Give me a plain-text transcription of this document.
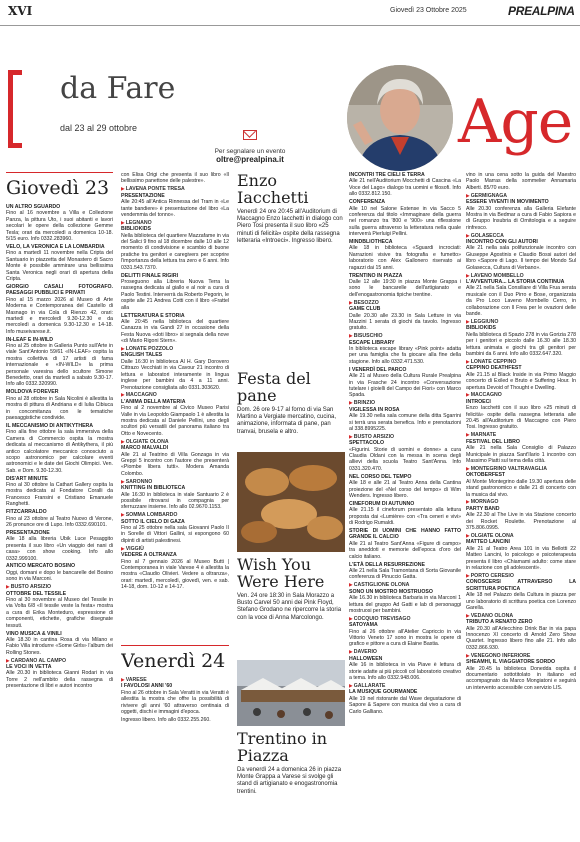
XVI	Giovedì 23 Ottobre 2025	PREALPINA
da Fare
dal 23 al 29 ottobre
Per segnalare un evento
oltre@prealpina.it
Age
Giovedì 23

UN ALTRO SGUARDO
Fino al 16 novembre a Villa e Collezione Panza, la pittura Uto, i suoi abitanti e lavori secolari le opere della collezione Gemme Tesla; orari da mercoledì a domenica 10-18. 5/15 euro. Info 0332.283960.

VELO, LA VERONICA E LA LOMBARDIA
Fino a martedì 11 novembre nella Cripta del Santuario in piazzetta del Monastero di Sacro Monte è possibile ammirare una bellissima Santa Veronica negli orari di apertura della Cripta.

GIORGIO CASALI FOTOGRAFO. PAESAGGI PUBBLICI E PRIVATI
Fino al 15 marzo 2026 al Museo di Arte Moderna e Contemporanea del Castello di Masnago in via Cola di Rienzo 42, orari: martedì e mercoledì 9.30-12.30 e da mercoledì a domenica 9.30-12.30 e 14-18. Info museivarese.it.

IN-LEAF E IN-WILD
Fino al 25 ottobre in Galleria Punto sull'Arte in viale Sant'Antonio 59/61 «IN-LEAF» ospita la mostra collettiva di 17 artisti di fama internazionale e «IN-WILD» la prima personale varesina dello scultore Simone Benedetto, orari da martedì a sabato 9.30-17. Info allo 0332.320990.

MOLDOVA FOREVER
Fino al 28 ottobre in Sala Nicolini è allestita la mostra di pittura di Andriana e di Iulia Cibiuca in concomitanza con le tematiche paesaggistiche condivide.

IL MECCANISMO DI ANTIKYTHERA
Fino alla fine ottobre la sala immersiva della Camera di Commercio ospita la mostra dedicata al meccanismo di Antikythera, il più antico calcolatore meccanico conosciuto a scopo astronomico per calcolare eventi astronomici e le date dei Giochi Olimpici. Ven. Sab. e Dom. 9.30-12.30.

DIS'ART MINUTE
Fino al 30 ottobre la Cathart Gallery ospita la mostra dedicata al Fondatore Coralli da Francesco Fransini e Cristiano Emanuele Ranghetti.

FITZCARRALDO
Fino al 23 ottobre al Teatro Nuovo di Verone, 26 pronunce ore di Lupo. Info 0332.690101.

PRESENTAZIONE
Alle 18 alla libreria Ubik Luce Pesaggito presenta il suo libro «Un viaggio dei nani di casa» con show cooking. Info allo 0332.999100.

ANTICO MERCATO BOSINO
Oggi, domani e dopo le bancarelle del Bosino sono in via Marconi.

▶ BUSTO ARSIZIO

OTTOBRE DEL TESSILE
Fino al 30 novembre al Museo del Tessile in via Volta 6/8 «Il tessile veste la festa» mostra a cura di Erika Monteduro, espressione di componenti, etichette, grafiche disegnate tessuti.

VINO MUSICA & VINILI
Alle 18.30 in cantina Rosa di via Milano e Fabio Villa introdurre «Some Girls» l'album dei Rolling Stones.

▶ CARDANO AL CAMPO

LE VOCI IN VETTA
Alle 20.30 in biblioteca Gianni Rodari in via Torre 2 nell'ambito della rassegna di presentazione di libri e autori incontro

con Elisa Origi che presenta il suo libro «Il bellissimo panettone delle palestre».

▶ LAVENA PONTE TRESA

PRESENTAZIONE
Alle 20:45 all'Antica Rinnessa del Tram in «Le tante bandiere» è presentazione del libro «La vendemmia del tonno».

▶ LEGNANO

BIBLIOKIDS
Nella biblioteca del quartiere Mazzafame in via del Salici 9 fino al 18 dicembre dalle 10 alle 12 momento di condivisione e scambio di buone pratiche tra genitori e caregivers per scoprire l'importanza della lettura tra zero e 6 anni. Info 0331.543.7370.

DELITTI FINALE RIGIRI
Proseguono alla Libreria Nuova Terra la rassegna dedicata al giallo e al noir a cura di Paolo Testini. Interverrà da Roberto Pegorin, le ospite alle 21 Andrea Cotti con il libro «Frattel alla

LETTERATURA E STORIA
Alle 20:45 nella biblioteca del quartiere Canazza in via Gandi 27 in occasione della Festa Nuova «doti libro» si segnala della nove «di Mario Rigoni Stern».

▶ LONATE POZZOLO

ENGLISH TALES
Dalle 16:30 in biblioteca Al H. Gary Dorovero Cittrazo Vecchiati in via Cavour 21 incontro di lettura e laboratori interamente in lingua inglese per bambini da 4 a 11 anni. Prenotazione consigliata allo 0331.303620.

▶ MACCAGNO

L'ANIMA DELLA MATERIA
Fino al 2 novembre al Civico Museo Parisi Valle in via Leopoldo Giampaolo 1 è allestita la mostra dedicata al Daniele Pellini, uno degli scultori più versatili del panorama italiano tra Otto e Novecento.

▶ OLGIATE OLONA

MARCO MALVALDI
Alle 21 al Teatrino di Villa Gonzaga in via Greppi 5 incontro con l'autore che presenterà «Piombe libera tutti». Modera Amanda Colombo.

▶ SARONNO

KNITTING IN BIBLIOTECA
Alle 16:30 in biblioteca in viale Santuario 2 è possibile ritrovarsi in compagnia per sferruzzare insieme. Info allo 02.9670.1153.

▶ SOMMA LOMBARDO

SOTTO IL CIELO DI GAZA
Fino al 25 ottobre nella sala Giovanni Paolo II in Sorelle di Vittori Gallini, si espongono 60 dipinti di artisti palestinesi.

▶ VIGGIÙ

VEDERE A OLTRANZA
Fino al 7 gennaio 2026 al Museo Butti | Contemporanea in viale Varese 4 è allestita la mostra «Claudio Olivieri. Vedere a oltranza», orari: martedì, mercoledì, giovedì, ven. e sab. 14-18, dom. 10-12 e 14-17.

Venerdì 24
▶ VARESE

I FAVOLOSI ANNI '60
Fino al 26 ottobre in Sala Veratti in via Veratti è allestita la mostra che offre la possibilità di rivivere gli anni '60 attraverso centinaia di oggetti, dischi e immagini d'epoca.

Ingresso libero. Info allo 0332.255.260.

Enzo Iacchetti
Venerdì 24 ore 20:45 all'Auditorium di Maccagno Enzo Iacchetti in dialogo con Piero Tosi presenta il suo libro «25 minuti di felicità» ospite della rassegna letteraria «Introeci». Ingresso libero.
Festa del pane
Dom. 26 ore 9-17 al forno di via San Martino a Vergiate mercatino, cucina, animazione, informata di pane, pan tranvai, brusela e altro.
Wish You Were Here
Ven. 24 ore 18:30 in Sala Morazzo a Busto Carvel 50 anni dei Pink Floyd, Stefano Grodano ne ripercorre la storia con la voce di Anna Marcolongo.
Trentino in Piazza
Da venerdì 24 a domenica 26 in piazza Monte Grappa a Varese si svolge gli stand di artigianato e enogastronomia trentini.

INCONTRI TRE CIELI E TERRA
Alle 21 nell'Auditorium Mocchetti di Cascina «La Voce del Lago» dialogo tra uomini e filosofi. Info allo 0332.812.150.

CONFERENZA
Alle 10 nel Salone Estense in via Sacco 5 conferenza dal titolo «Immaginare della guerra nel romanzo tra '800 e '900» una riflessione sulla guerra attraverso la letteratura nella quale interverrà Pierluigi Pellini.

MINDBLIOTHECA
Alle 18 in biblioteca «Sguardi incrociati: Narrazioni visive tra fotografia e fumetto» laboratorio con Alex Gallonero riservato ai ragazzi dai 15 anni.

TRENTINO IN PIAZZA
Dalle 12 alle 19:30 in piazza Monte Grappa i sono le bancarelle dell'artigianato e dell'enogastronomia tipiche trentine.

▶ BESOZZO

GAME CLUB
Dalle 20.30 alle 23.30 in Sala Letture in via Mazzini 1 serata di giochi da tavolo. Ingresso gratuito.

▶ BISUSCHIO

ESCAPE LIBRARY
In biblioteca escape library «Pink point» adatta per una famiglia che fa giocare alla fine della stagione. Info allo 0332.471.530.

I VENERDÌ DEL PARCO
Alle 21 al Museo della Cultura Rurale Prealpina in via Frasche 24 incontro «Conversazione tutelare i gioielli del Campo dei Fiori» con Marco Spada.

▶ BRINZIO

VIGILESSA IN ROSA
Alle 19.30 nella sala comune della ditta Sgarrini si terrà una serata benefica. Info e prenotazioni al 338.8995225.

▶ BUSTO ARSIZIO

SPETTACOLO
«Figurini. Storie di uomini e donne» a cura Claudia Oldani con la messa in scena degli allievi della scuola Teatro Sant'Anna. Info 0331.320.470.

NEL CORSO DEL TEMPO
Alle 18 e alle 21 al Teatro Anna della Cantina proiezione del «Nel corso del tempo» di Wim Wenders. Ingresso libero.

CINEFORUM DI AUTUNNO
Alle 21.15 il cineforum presentato alla lettura proposta dai «Lumière» con «Tra ceneri e vivi» di Rodrigo Rumaldi.

STORIE DI UOMINI CHE HANNO FATTO GRANDE IL CALCIO
Alle 21 al Teatro Sant'Anna «Figure di campo» tra aneddoti e memorie dell'epoca d'oro del calcio italiano.

L'ETÀ DELLA RESURREZIONE
Alle 21 nella Sala Tramontana di Sorta Giovanile conferenza di Pinuccio Gatta.

▶ CASTIGLIONE OLONA

SONO UN MOSTRO MOSTRUOSO
Alle 16.30 in biblioteca Barbaria in via Marconi 1 lettura del gruppo Ad Gatti e lab di personaggi mostruosi per bambini.

▶ COCQUIO TREVISAGO

SATOYAMA
Fino al 26 ottobre all'Atelier Capriccio in via Vittorio Veneto 17 sono in mostra le opere di grafico e pittore a cura di Elaine Bastia.

▶ DAVERIO

HALLOWEEN
Alle 16 in biblioteca in via Piave è lettura di storie adatte ai più piccoli col laboratorio creativo a tema. Info allo 0332.948.006.

▶ GALLARATE

LA MUSIQUE GOURMANDE
Alle 19 nel ristorante dal Wave degustazione di Sapore & Sapere con musica dal vivo a cura di Carlo Galliano.

vino in una cena sotto la guida del Maestro Paolo Marras della sommelier Annamaria Alberti. 85/70 euro.

▶ GERMIGNAGA

ESSERE VIVENTI IN MOVIMENTO
Alle 20.30 conferenza alla Galleria Elefante Mostra in via Bedmar a cura di Fabio Sapiora e di Gruppo Insubria di Ornitologia e a seguire rinfresco.

▶ GOLASECCA

INCONTRO CON GLI AUTORI
Alle 21 nella sala polifunzionale incontro con Giuseppe Agostinis e Claudio Bossi autori del libro «Sapore di Lago. Il tempo dei Mondo Sul Golasecca, Cultura di Verbano».

▶ LAVENO MOMBELLO

L'AVVENTURA... LA STORIA CONTINUA
Alle 21 nella Sala Consiliare di Villa Frua serata musicale con il Duo Pirro e Bose, organizzata da Pro Loco Laveno Mombello Cerro, in collaborazione con Il Frea per le ovazioni delle bande.

▶ LEGGIUNO

BIBLIOKIDS
Nella biblioteca di Spazio 278 in via Gorizia 278 per i genitori e piccolo dalle 16.30 alle 18.30 lettura animata e giochi tra gli genitori per bambini da 6 anni. Info allo 0332.647.320.

▶ LONATE CEPPINO

CEPPINO DEATHFEST
Alle 21.15 al Black Inside in via Primo Maggio concerto di Exiled e Bruto e Suffering Hour. In apertura Devoid of Thought e Dwelling.

▶ MACCAGNO

INTROECI
Enzo Iacchetti con il suo libro «25 minuti di felicità» ospite della rassegna letteraria alle 20.45 all'Auditorium di Maccagno con Piero Tosi. Ingresso gratuito.

▶ MARNATE

FESTIVAL DEL LIBRO
Alle 21 nella Sala Consiglio di Palazzo Municipale in piazza Sant'Ilario 1 incontro con Massimo Piatti sul tema della città.

▶ MONTEGRINO VALTRAVAGLIA

OKTOBERFEST
Al Monte Montegrino dalle 19.30 apertura delle stand gastronomico e dalle 21 di concerto con la musica dal vivo.

▶ MORNAGO

PARTY BAND
Alle 22.30 al The Live in via Stazione concerto dei Rocket Roulette. Prenotazione al 375.806.0995.

▶ OLGIATE OLONA

MATTEO LANCINI
Alle 21 al Teatro Area 101 in via Bellotti 22 Matteo Lancini, lo psicologo e psicoterapeuta presenta il libro «Chiamami adulto: come stare in relazione con gli adolescenti».

▶ PORTO CERESIO

CONOSCERSI ATTRAVERSO LA SCRITTURA POETICA
Alle 18 nel Palazzo della Cultura in piazza per uno laboratorio di scrittura poetica con Lorenzo Garella.

▶ VEDANO OLONA

TRIBUTO A RENATO ZERO
Alle 20.30 all'Arlecchino Drink Bar in via papa Innocenzo XI concerto di Arnold Zero Show Quartet. Ingresso libero fino alle 21. Info allo 0332.866.930.

▶ VENEGONO INFERIORE

SHEAMHI, IL VIAGGIATORE SORDO
Alle 20.45 la biblioteca Donedda ospita il documentario sottotitolato in italiano ed accompagnato da Marco Mongiatoni e seguirà un intervento accessibile con servizio LIS.
